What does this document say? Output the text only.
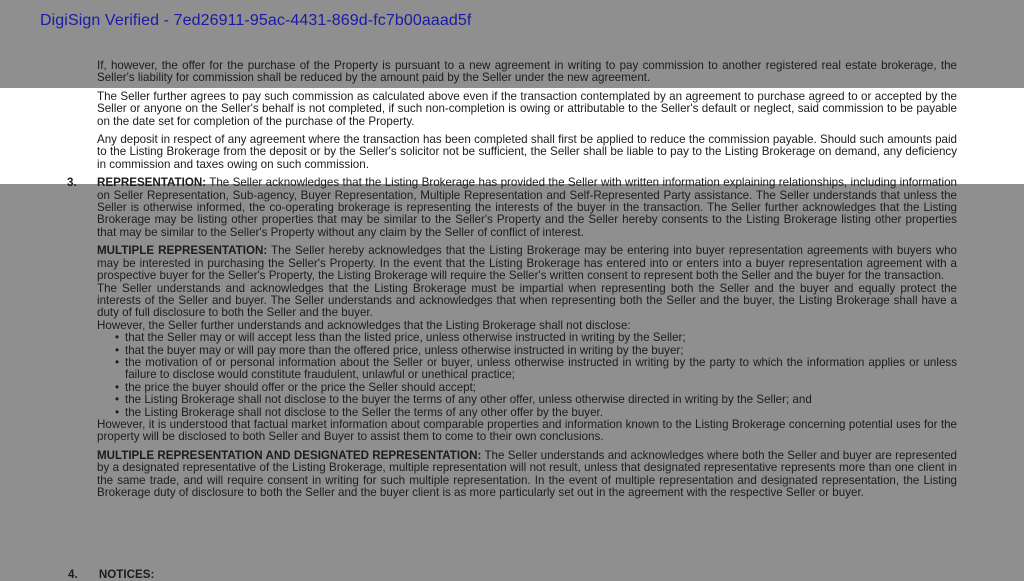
DigiSign Verified - 7ed26911-95ac-4431-869d-fc7b00aaad5f

If, however, the offer for the purchase of the Property is pursuant to a new agreement in writing to pay commission to another registered real estate brokerage, the Seller's liability for commission shall be reduced by the amount paid by the Seller under the new agreement.

The Seller further agrees to pay such commission as calculated above even if the transaction contemplated by an agreement to purchase agreed to or accepted by the Seller or anyone on the Seller's behalf is not completed, if such non-completion is owing or attributable to the Seller's default or neglect, said commission to be payable on the date set for completion of the purchase of the Property.

Any deposit in respect of any agreement where the transaction has been completed shall first be applied to reduce the commission payable. Should such amounts paid to the Listing Brokerage from the deposit or by the Seller's solicitor not be sufficient, the Seller shall be liable to pay to the Listing Brokerage on demand, any deficiency in commission and taxes owing on such commission.

3. REPRESENTATION: The Seller acknowledges that the Listing Brokerage has provided the Seller with written information explaining relationships, including information on Seller Representation, Sub-agency, Buyer Representation, Multiple Representation and Self-Represented Party assistance. The Seller understands that unless the Seller is otherwise informed, the co-operating brokerage is representing the interests of the buyer in the transaction. The Seller further acknowledges that the Listing Brokerage may be listing other properties that may be similar to the Seller's Property and the Seller hereby consents to the Listing Brokerage listing other properties that may be similar to the Seller's Property without any claim by the Seller of conflict of interest.

MULTIPLE REPRESENTATION: The Seller hereby acknowledges that the Listing Brokerage may be entering into buyer representation agreements with buyers who may be interested in purchasing the Seller's Property. In the event that the Listing Brokerage has entered into or enters into a buyer representation agreement with a prospective buyer for the Seller's Property, the Listing Brokerage will require the Seller's written consent to represent both the Seller and the buyer for the transaction.

The Seller understands and acknowledges that the Listing Brokerage must be impartial when representing both the Seller and the buyer and equally protect the interests of the Seller and buyer. The Seller understands and acknowledges that when representing both the Seller and the buyer, the Listing Brokerage shall have a duty of full disclosure to both the Seller and the buyer.

However, the Seller further understands and acknowledges that the Listing Brokerage shall not disclose:

• that the Seller may or will accept less than the listed price, unless otherwise instructed in writing by the Seller;
• that the buyer may or will pay more than the offered price, unless otherwise instructed in writing by the buyer;
• the motivation of or personal information about the Seller or buyer, unless otherwise instructed in writing by the party to which the information applies or unless failure to disclose would constitute fraudulent, unlawful or unethical practice;
• the price the buyer should offer or the price the Seller should accept;
• the Listing Brokerage shall not disclose to the buyer the terms of any other offer, unless otherwise directed in writing by the Seller; and
• the Listing Brokerage shall not disclose to the Seller the terms of any other offer by the buyer.

However, it is understood that factual market information about comparable properties and information known to the Listing Brokerage concerning potential uses for the property will be disclosed to both Seller and Buyer to assist them to come to their own conclusions.

MULTIPLE REPRESENTATION AND DESIGNATED REPRESENTATION: The Seller understands and acknowledges where both the Seller and buyer are represented by a designated representative of the Listing Brokerage, multiple representation will not result, unless that designated representative represents more than one client in the same trade, and will require consent in writing for such multiple representation. In the event of multiple representation and designated representation, the Listing Brokerage duty of disclosure to both the Seller and the buyer client is as more particularly set out in the agreement with the respective Seller or buyer.

4. NOTICES:
